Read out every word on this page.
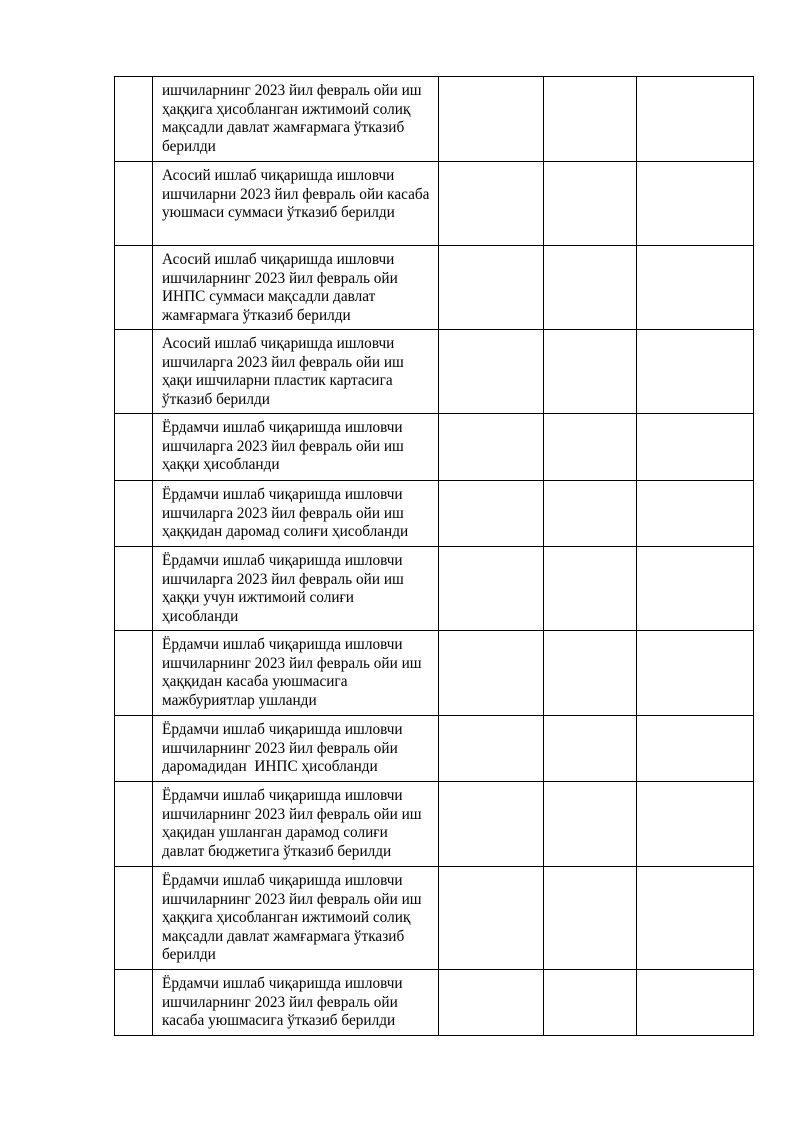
	ишчиларнинг 2023 йил февраль ойи иш ҳаққига ҳисобланган ижтимоий солиқ мақсадли давлат жамғармага ўтказиб берилди			

	Асосий ишлаб чиқаришда ишловчи ишчиларни 2023 йил февраль ойи касаба уюшмаси суммаси ўтказиб берилди			

	Асосий ишлаб чиқаришда ишловчи ишчиларнинг 2023 йил февраль ойи ИНПС суммаси мақсадли давлат жамғармага ўтказиб берилди			

	Асосий ишлаб чиқаришда ишловчи ишчиларга 2023 йил февраль ойи иш ҳақи ишчиларни пластик картасига ўтказиб берилди			

	Ёрдамчи ишлаб чиқаришда ишловчи ишчиларга 2023 йил февраль ойи иш ҳаққи ҳисобланди			

	Ёрдамчи ишлаб чиқаришда ишловчи ишчиларга 2023 йил февраль ойи иш ҳаққидан даромад солиғи ҳисобланди			

	Ёрдамчи ишлаб чиқаришда ишловчи ишчиларга 2023 йил февраль ойи иш ҳаққи учун ижтимоий солиғи ҳисобланди			

	Ёрдамчи ишлаб чиқаришда ишловчи ишчиларнинг 2023 йил февраль ойи иш ҳаққидан касаба уюшмасига мажбуриятлар ушланди			

	Ёрдамчи ишлаб чиқаришда ишловчи ишчиларнинг 2023 йил февраль ойи даромадидан  ИНПС ҳисобланди			

	Ёрдамчи ишлаб чиқаришда ишловчи ишчиларнинг 2023 йил февраль ойи иш ҳақидан ушланган дарамод солиғи давлат бюджетига ўтказиб берилди			

	Ёрдамчи ишлаб чиқаришда ишловчи ишчиларнинг 2023 йил февраль ойи иш ҳаққига ҳисобланган ижтимоий солиқ мақсадли давлат жамғармага ўтказиб берилди			

	Ёрдамчи ишлаб чиқаришда ишловчи ишчиларнинг 2023 йил февраль ойи касаба уюшмасига ўтказиб берилди			
